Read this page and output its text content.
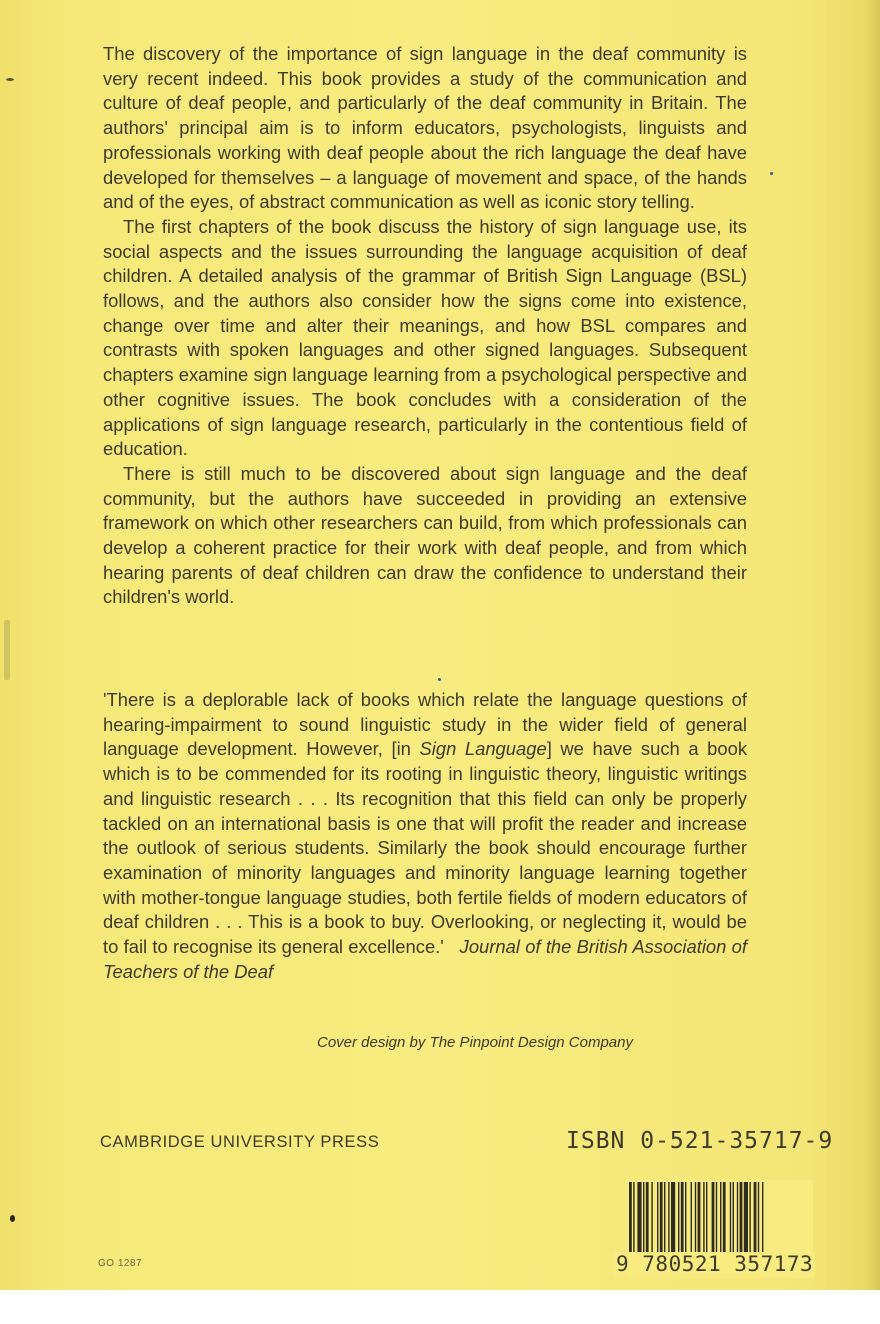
The discovery of the importance of sign language in the deaf community is very recent indeed. This book provides a study of the communication and culture of deaf people, and particularly of the deaf community in Britain. The authors' principal aim is to inform educators, psychologists, linguists and professionals working with deaf people about the rich language the deaf have developed for themselves – a language of movement and space, of the hands and of the eyes, of abstract communication as well as iconic story telling.

The first chapters of the book discuss the history of sign language use, its social aspects and the issues surrounding the language acquisition of deaf children. A detailed analysis of the grammar of British Sign Language (BSL) follows, and the authors also consider how the signs come into existence, change over time and alter their meanings, and how BSL compares and contrasts with spoken languages and other signed languages. Subsequent chapters examine sign language learning from a psychological perspective and other cognitive issues. The book concludes with a consideration of the applications of sign language research, particularly in the contentious field of education.

There is still much to be discovered about sign language and the deaf community, but the authors have succeeded in providing an extensive framework on which other researchers can build, from which professionals can develop a coherent practice for their work with deaf people, and from which hearing parents of deaf children can draw the confidence to understand their children's world.

'There is a deplorable lack of books which relate the language questions of hearing-impairment to sound linguistic study in the wider field of general language development. However, [in Sign Language] we have such a book which is to be commended for its rooting in linguistic theory, linguistic writings and linguistic research . . . Its recognition that this field can only be properly tackled on an international basis is one that will profit the reader and increase the outlook of serious students. Similarly the book should encourage further examination of minority languages and minority language learning together with mother-tongue language studies, both fertile fields of modern educators of deaf children . . . This is a book to buy. Overlooking, or neglecting it, would be to fail to recognise its general excellence.' Journal of the British Association of Teachers of the Deaf
Cover design by The Pinpoint Design Company
CAMBRIDGE UNIVERSITY PRESS	ISBN 0-521-35717-9
9 780521 357173
GO 1287
